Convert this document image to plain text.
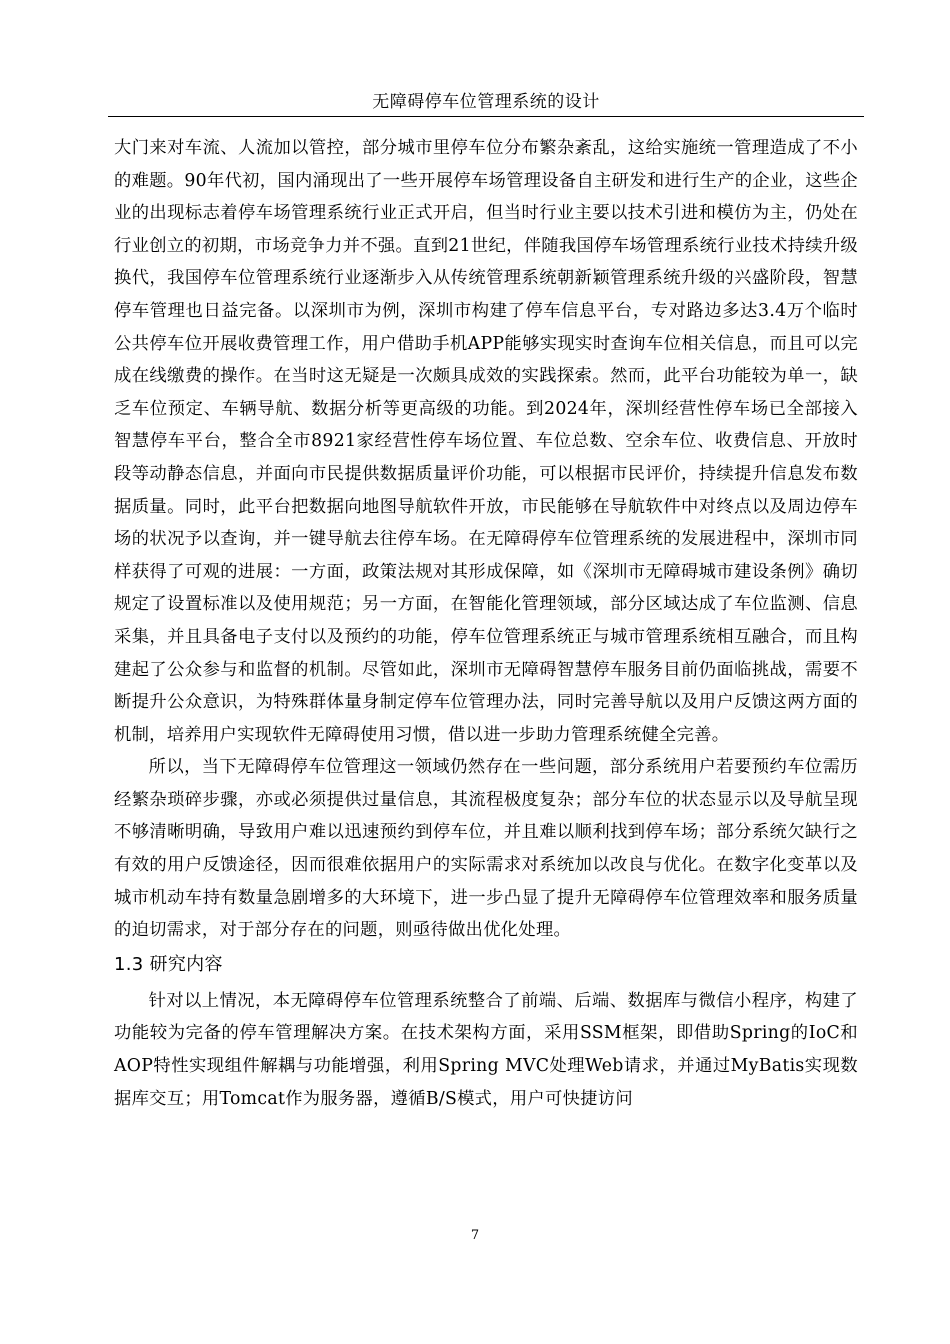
无障碍停车位管理系统的设计

大门来对车流、人流加以管控，部分城市里停车位分布繁杂紊乱，这给实施统一管理造成了不小的难题。90年代初，国内涌现出了一些开展停车场管理设备自主研发和进行生产的企业，这些企业的出现标志着停车场管理系统行业正式开启，但当时行业主要以技术引进和模仿为主，仍处在行业创立的初期，市场竞争力并不强。直到21世纪，伴随我国停车场管理系统行业技术持续升级换代，我国停车位管理系统行业逐渐步入从传统管理系统朝新颖管理系统升级的兴盛阶段，智慧停车管理也日益完备。以深圳市为例，深圳市构建了停车信息平台，专对路边多达3.4万个临时公共停车位开展收费管理工作，用户借助手机APP能够实现实时查询车位相关信息，而且可以完成在线缴费的操作。在当时这无疑是一次颇具成效的实践探索。然而，此平台功能较为单一，缺乏车位预定、车辆导航、数据分析等更高级的功能。到2024年，深圳经营性停车场已全部接入智慧停车平台，整合全市8921家经营性停车场位置、车位总数、空余车位、收费信息、开放时段等动静态信息，并面向市民提供数据质量评价功能，可以根据市民评价，持续提升信息发布数据质量。同时，此平台把数据向地图导航软件开放，市民能够在导航软件中对终点以及周边停车场的状况予以查询，并一键导航去往停车场。在无障碍停车位管理系统的发展进程中，深圳市同样获得了可观的进展：一方面，政策法规对其形成保障，如《深圳市无障碍城市建设条例》确切规定了设置标准以及使用规范；另一方面，在智能化管理领域，部分区域达成了车位监测、信息采集，并且具备电子支付以及预约的功能，停车位管理系统正与城市管理系统相互融合，而且构建起了公众参与和监督的机制。尽管如此，深圳市无障碍智慧停车服务目前仍面临挑战，需要不断提升公众意识，为特殊群体量身制定停车位管理办法，同时完善导航以及用户反馈这两方面的机制，培养用户实现软件无障碍使用习惯，借以进一步助力管理系统健全完善。

所以，当下无障碍停车位管理这一领域仍然存在一些问题，部分系统用户若要预约车位需历经繁杂琐碎步骤，亦或必须提供过量信息，其流程极度复杂；部分车位的状态显示以及导航呈现不够清晰明确，导致用户难以迅速预约到停车位，并且难以顺利找到停车场；部分系统欠缺行之有效的用户反馈途径，因而很难依据用户的实际需求对系统加以改良与优化。在数字化变革以及城市机动车持有数量急剧增多的大环境下，进一步凸显了提升无障碍停车位管理效率和服务质量的迫切需求，对于部分存在的问题，则亟待做出优化处理。

1.3 研究内容

针对以上情况，本无障碍停车位管理系统整合了前端、后端、数据库与微信小程序，构建了功能较为完备的停车管理解决方案。在技术架构方面，采用SSM框架，即借助Spring的IoC和AOP特性实现组件解耦与功能增强，利用Spring MVC处理Web请求，并通过MyBatis实现数据库交互；用Tomcat作为服务器，遵循B/S模式，用户可快捷访问

7
